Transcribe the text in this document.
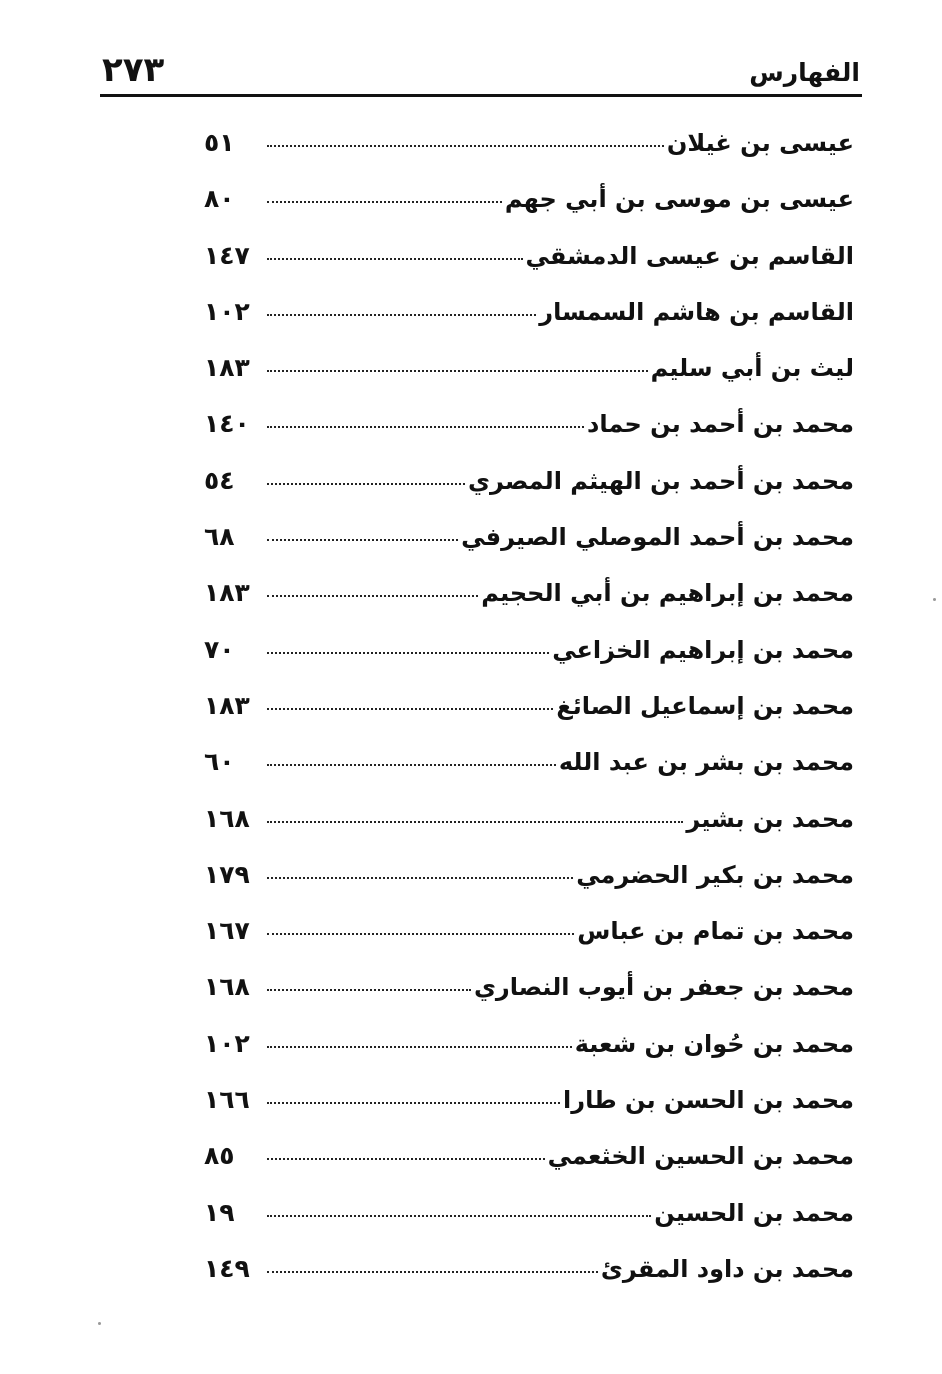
الفهارس
٢٧٣
عيسى بن غيلان
٥١
عيسى بن موسى بن أبي جهم
٨٠
القاسم بن عيسى الدمشقي
١٤٧
القاسم بن هاشم السمسار
١٠٢
ليث بن أبي سليم
١٨٣
محمد بن أحمد بن حماد
١٤٠
محمد بن أحمد بن الهيثم المصري
٥٤
محمد بن أحمد الموصلي الصيرفي
٦٨
محمد بن إبراهيم بن أبي الحجيم
١٨٣
محمد بن إبراهيم الخزاعي
٧٠
محمد بن إسماعيل الصائغ
١٨٣
محمد بن بشر بن عبد الله
٦٠
محمد بن بشير
١٦٨
محمد بن بكير الحضرمي
١٧٩
محمد بن تمام بن عباس
١٦٧
محمد بن جعفر بن أيوب النصاري
١٦٨
محمد بن حُوان بن شعبة
١٠٢
محمد بن الحسن بن طارا
١٦٦
محمد بن الحسين الخثعمي
٨٥
محمد بن الحسين
١٩
محمد بن داود المقرئ
١٤٩
